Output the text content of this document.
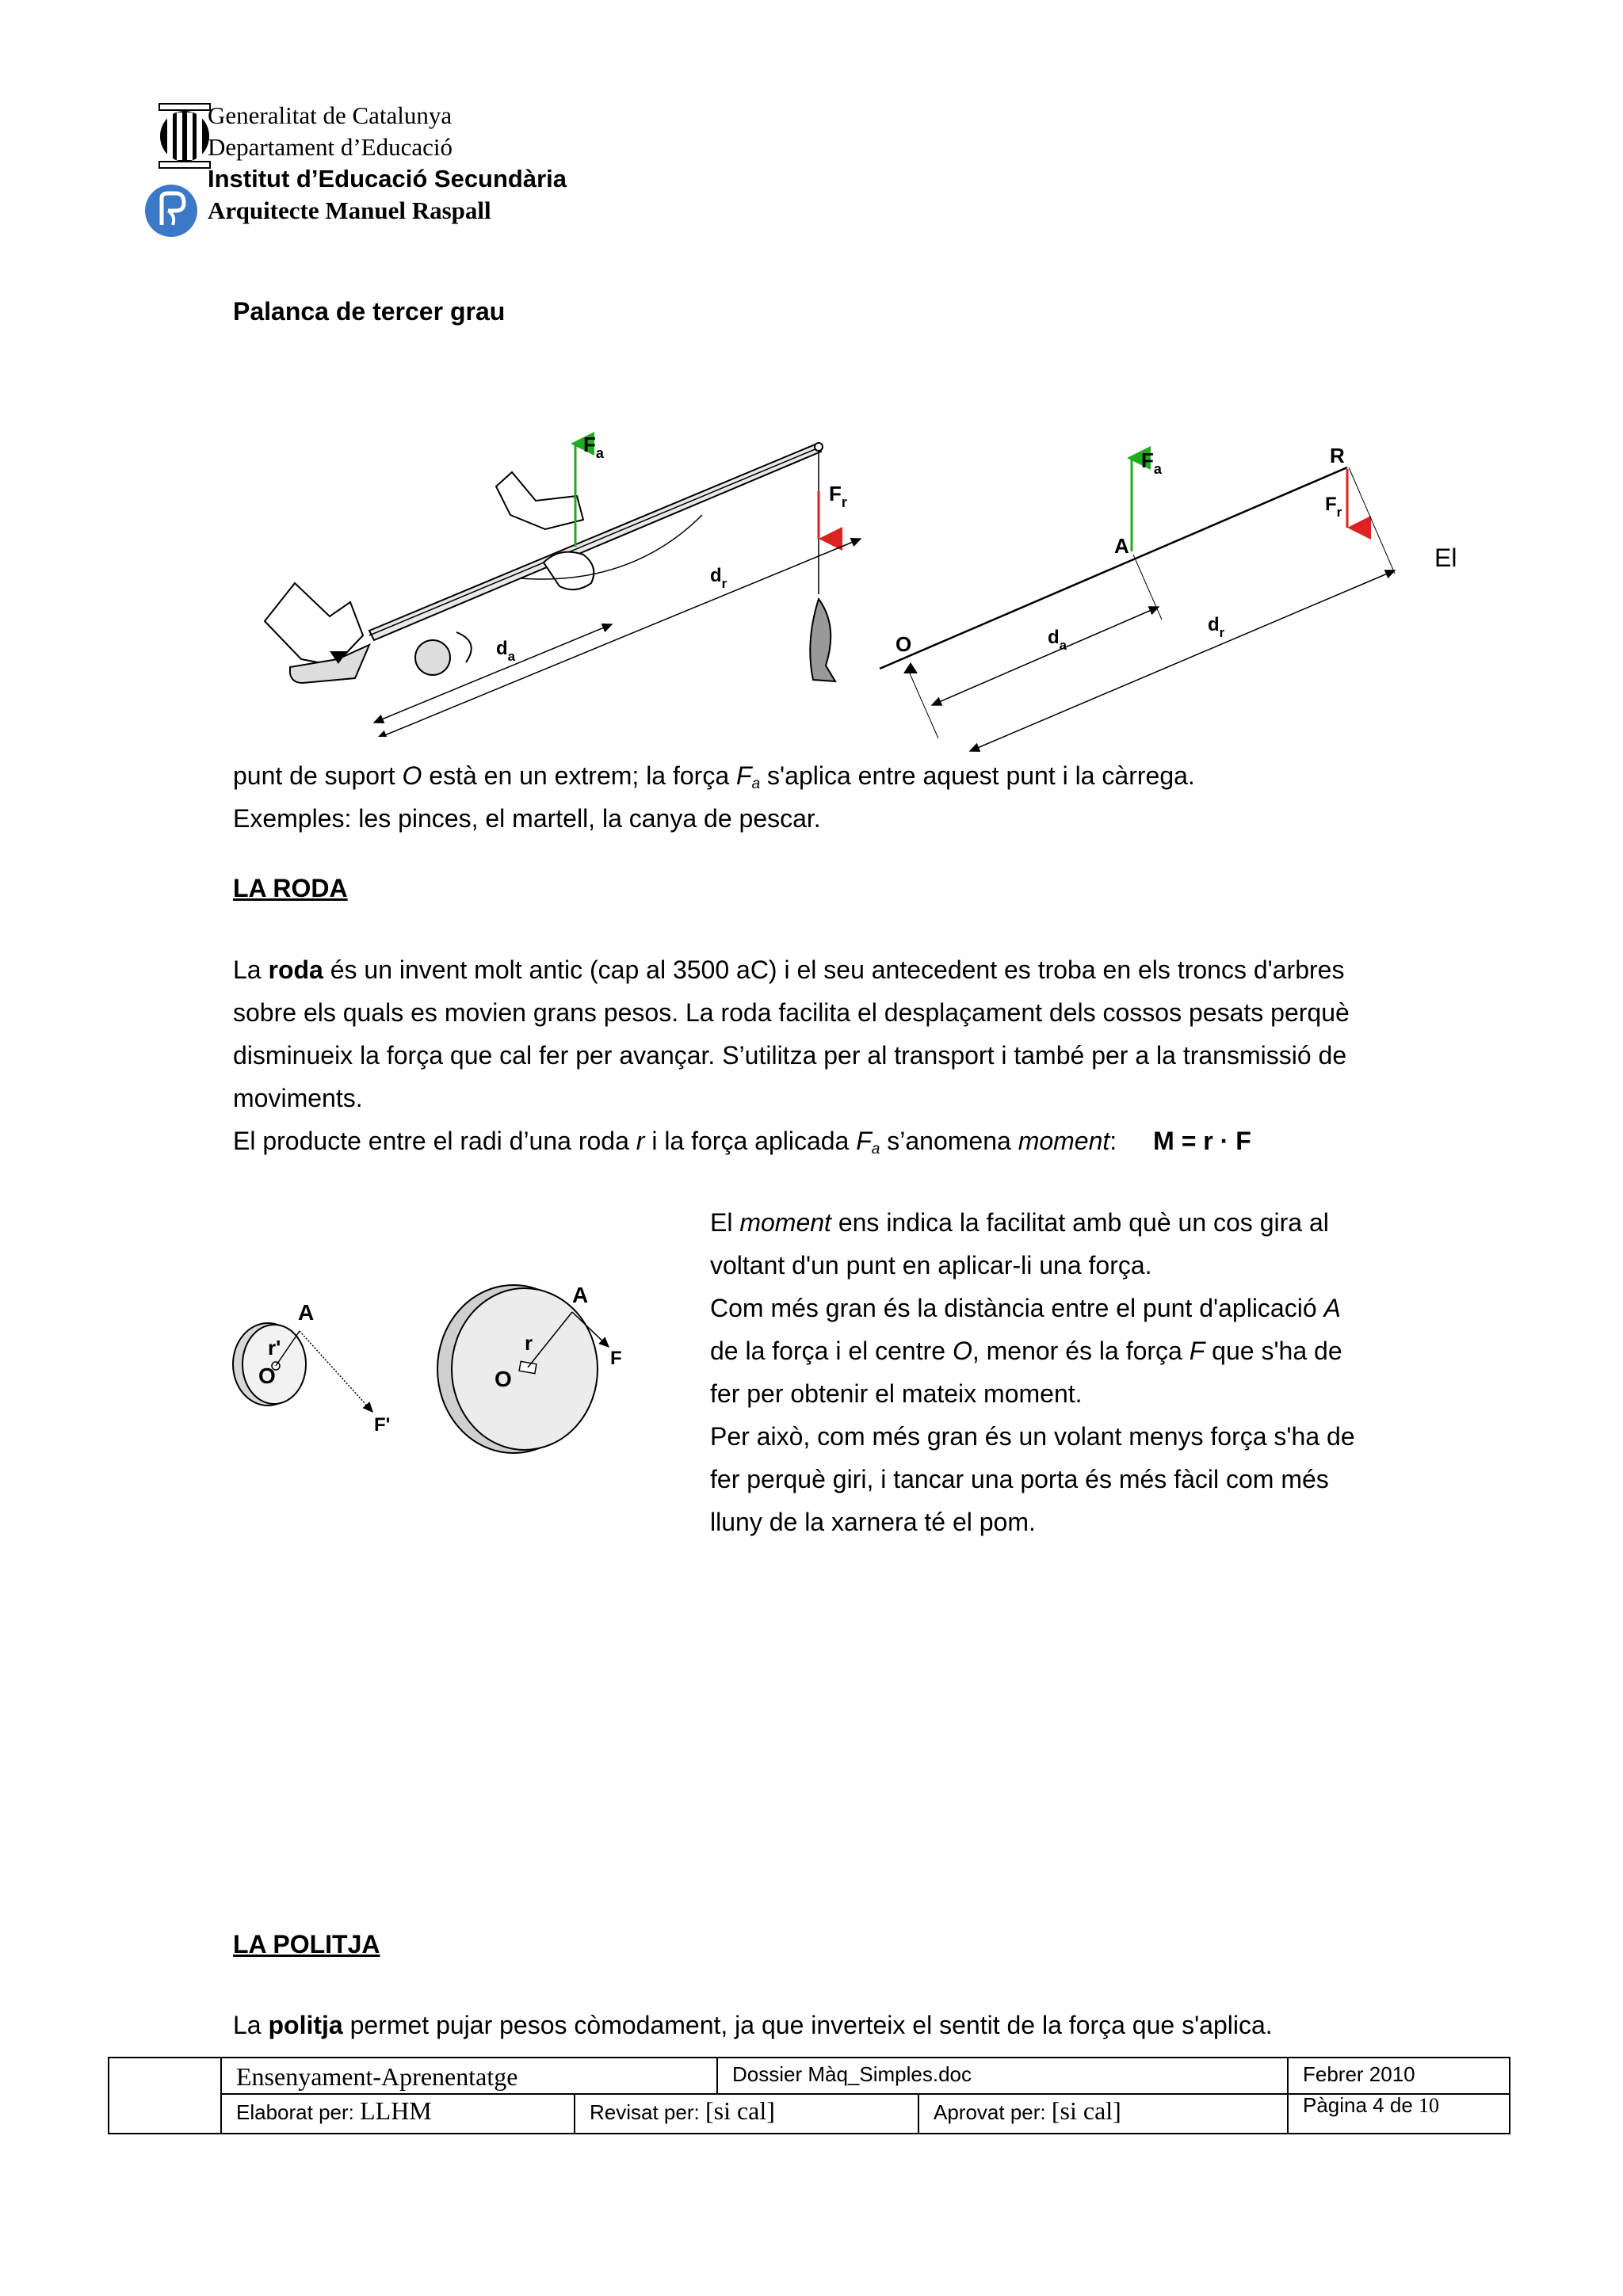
Generalitat de Catalunya
Departament d’Educació
Institut d’Educació Secundària
Arquitecte Manuel Raspall
Palanca de tercer grau
$F_a$
$F_r$
$d_r$
$d_a$
$F_a$
R
$F_r$
A
O	$d_a$
$d_r$
El
punt de suport O està en un extrem; la força $F_a$ s'aplica entre aquest punt i la càrrega.
Exemples: les pinces, el martell, la canya de pescar.
LA RODA
La roda és un invent molt antic (cap al 3500 aC) i el seu antecedent es troba en els troncs d'arbres
sobre els quals es movien grans pesos. La roda facilita el desplaçament dels cossos pesats perquè
disminueix la força que cal fer per avançar. S’utilitza per al transport i també per a la transmissió de
moviments.
El producte entre el radi d’una roda r i la força aplicada $F_a$ s’anomena moment: M = r · F
A
r'
O
F'
A
r
O
F
El moment ens indica la facilitat amb què un cos gira al
voltant d'un punt en aplicar-li una força.
Com més gran és la distància entre el punt d'aplicació A
de la força i el centre O, menor és la força F que s'ha de
fer per obtenir el mateix moment.
Per això, com més gran és un volant menys força s'ha de
fer perquè giri, i tancar una porta és més fàcil com més
lluny de la xarnera té el pom.
LA POLITJA
La politja permet pujar pesos còmodament, ja que inverteix el sentit de la força que s'aplica.
Ensenyament-Aprenentatge	Dossier Màq_Simples.doc	Febrer 2010
Elaborat per: LLHM	Revisat per: [si cal]	Aprovat per: [si cal]	Pàgina 4 de 10
